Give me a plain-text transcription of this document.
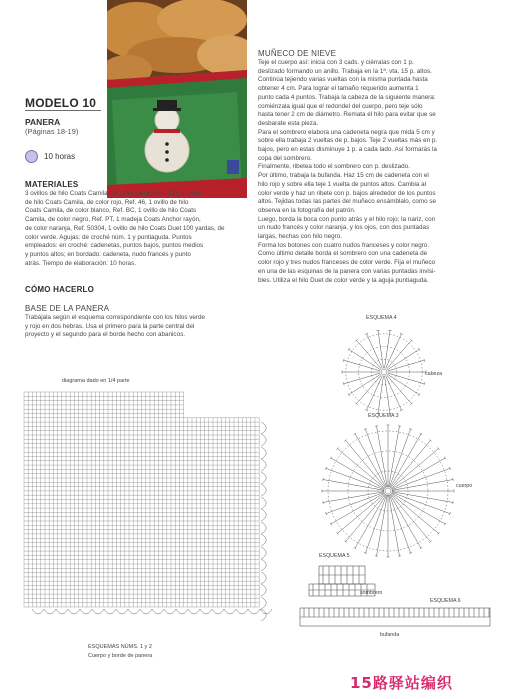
MODELO 10
PANERA
(Páginas 18-19)
10 horas
MATERIALES
3 ovillos de hilo Coats Camila, de color verde, Ref. 231, 1 ovillo
de hilo Coats Camila, de color rojo, Ref. 46, 1 ovillo de hilo
Coats Camila, de color blanco, Ref. BC, 1 ovillo de hilo Coats
Camila, de color negro, Ref. PT, 1 madeja Coats Anchor rayón,
de color naranja, Ref. 50304, 1 ovillo de hilo Coats Duet 100 yardas, de
color verde. Agujas: de croché núm. 1 y puntiaguda. Puntos
empleados: en croché: cadenetas, puntos bajos, puntos medios
y puntos altos; en bordado: cadeneta, nudo francés y punto
atrás. Tiempo de elaboración: 10 horas.
CÓMO HACERLO
BASE DE LA PANERA
Trabájala según el esquema correspondiente con los hilos verde
y rojo en dos hebras. Usa el primero para la parte central del
proyecto y el segundo para el borde hecho con abanicos.
MUÑECO DE NIEVE
Teje el cuerpo así: inicia con 3 cads. y ciérralas con 1 p.
deslizado formando un anillo. Trabaja en la 1ª. vta. 15 p. altos.
Continúa tejiendo varias vueltas con la misma puntada hasta
obtener 4 cm. Para lograr el tamaño requerido aumenta 1
punto cada 4 puntos. Trabaja la cabeza de la siguiente manera:
comiénzala igual que el redondel del cuerpo, pero teje sólo
hasta tener 2 cm de diámetro. Remata el hilo para evitar que se
desbarate esta pieza.
Para el sombrero elabora una cadeneta negra que mida 5 cm y
sobre ella trabaja 2 vueltas de p. bajos. Teje 2 vueltas más en p.
bajos, pero en estas disminuye 1 p. a cada lado. Así formarás la
copa del sombrero.
Finalmente, ribetea todo el sombrero con p. deslizado.
Por último, trabaja la bufanda. Haz 15 cm de cadeneta con el
hilo rojo y sobre ella teje 1 vuelta de puntos altos. Cambia al
color verde y haz un ribete con p. bajos alrededor de los puntos
altos. Tejidas todas las partes del muñeco ensámblalo, como se
observa en la fotografía del patrón.
Luego, borda la boca con punto atrás y el hilo rojo; la nariz, con
un nudo francés y color naranja, y los ojos, con dos puntadas
largas, hechas con hilo negro.
Forma los botones con cuatro nudos franceses y color negro.
Como último detalle borda el sombrero con una cadeneta de
color rojo y tres nudos franceses de color verde. Fija el muñeco
en una de las esquinas de la panera con varias puntadas invisi-
bles. Utiliza el hilo Duet de color verde y la aguja puntiaguda.
diagrama dado en 1/4 parte
ESQUEMAS NÚMS. 1 y 2
Cuerpo y borde de panera
ESQUEMA 4
cabeza
ESQUEMA 3
cuerpo
ESQUEMA 5
sombrero
ESQUEMA 6
bufanda
15路驿站编织
